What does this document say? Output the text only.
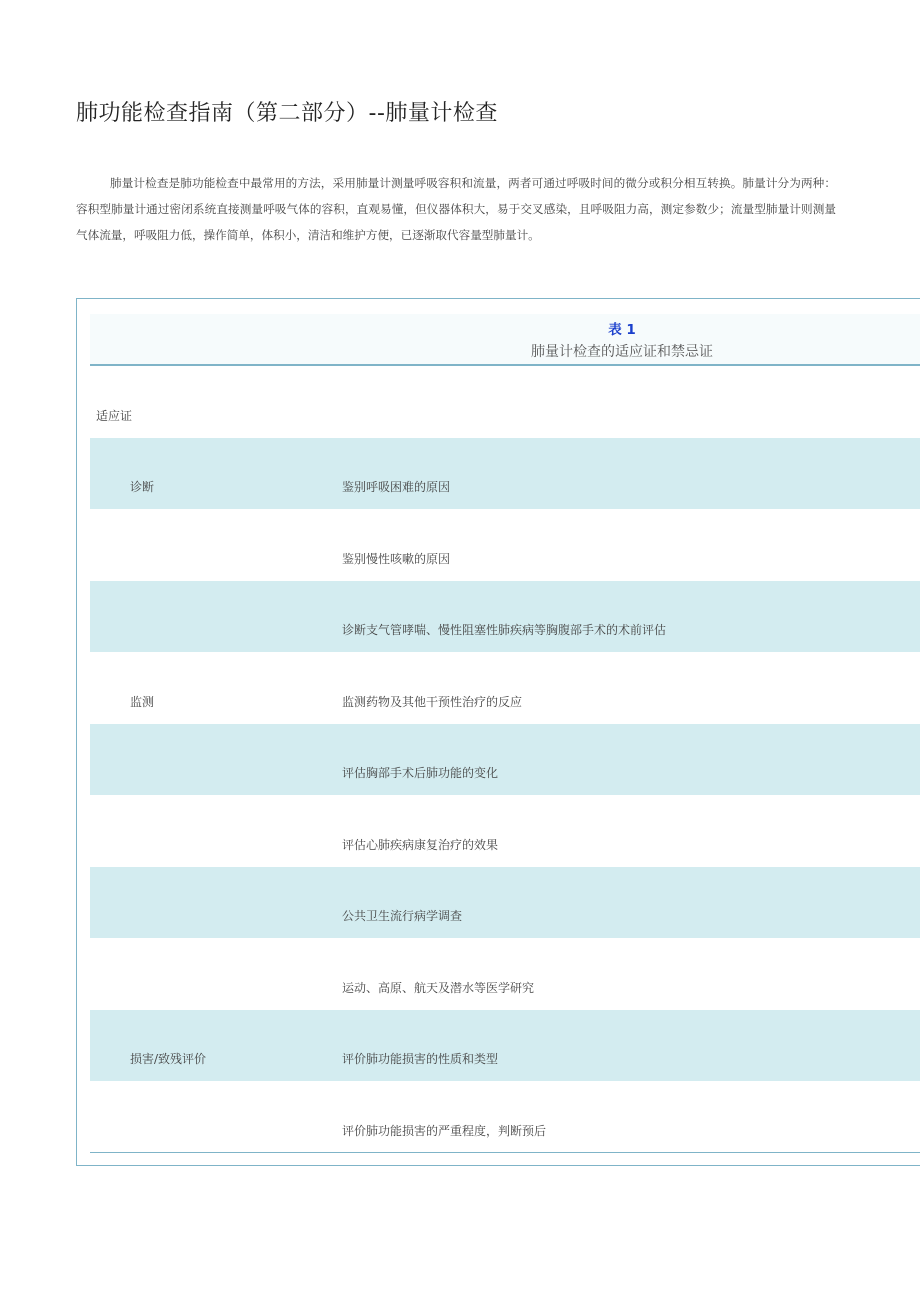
肺功能检查指南（第二部分）--肺量计检查

肺量计检查是肺功能检查中最常用的方法，采用肺量计测量呼吸容积和流量，两者可通过呼吸时间的微分或积分相互转换。肺量计分为两种：容积型肺量计通过密闭系统直接测量呼吸气体的容积，直观易懂，但仪器体积大，易于交叉感染，且呼吸阻力高，测定参数少；流量型肺量计则测量气体流量，呼吸阻力低，操作简单，体积小，清洁和维护方便，已逐渐取代容量型肺量计。

表 1
肺量计检查的适应证和禁忌证
适应证
诊断	鉴别呼吸困难的原因
鉴别慢性咳嗽的原因
诊断支气管哮喘、慢性阻塞性肺疾病等胸腹部手术的术前评估
监测	监测药物及其他干预性治疗的反应
评估胸部手术后肺功能的变化
评估心肺疾病康复治疗的效果
公共卫生流行病学调查
运动、高原、航天及潜水等医学研究
损害/致残评价	评价肺功能损害的性质和类型
评价肺功能损害的严重程度，判断预后
